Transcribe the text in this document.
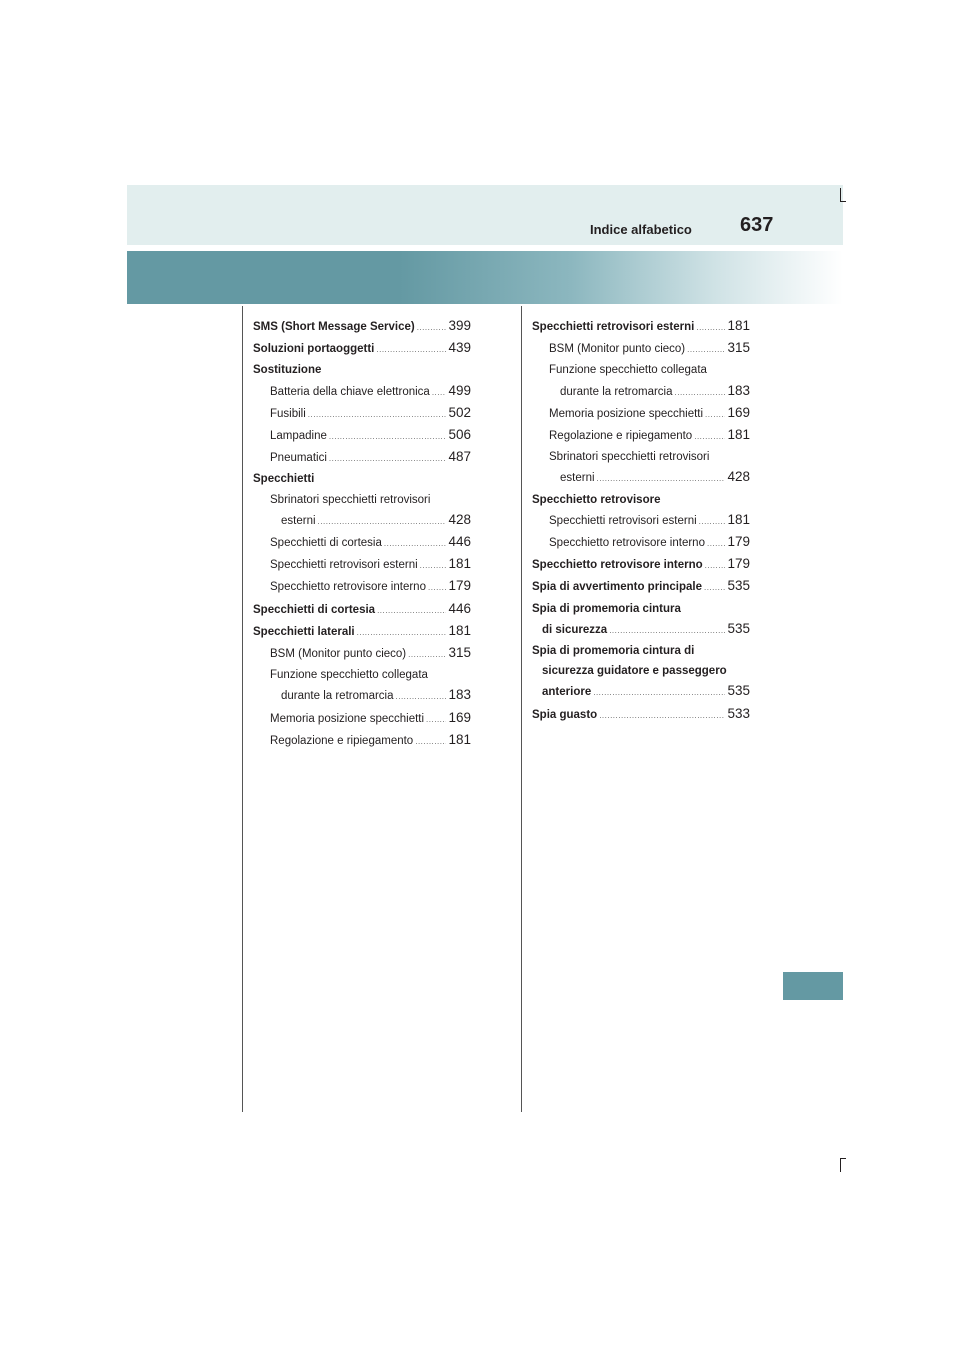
Indice alfabetico 637
SMS (Short Message Service) .....	399
Soluzioni portaoggetti .....	439
Sostituzione
Batteria della chiave elettronica ..... 499
Fusibili .....	502
Lampadine .....	506
Pneumatici .....	487
Specchietti
Sbrinatori specchietti retrovisori
esterni .....	428
Specchietti di cortesia .....	446
Specchietti retrovisori esterni ..... 181
Specchietto retrovisore interno ..... 179
Specchietti di cortesia .....	446
Specchietti laterali .....	181
BSM (Monitor punto cieco) .....	315
Funzione specchietto collegata
durante la retromarcia .....	183
Memoria posizione specchietti ..... 169
Regolazione e ripiegamento .....	181
Specchietti retrovisori esterni ..... 181
BSM (Monitor punto cieco) .....	315
Funzione specchietto collegata
durante la retromarcia .....	183
Memoria posizione specchietti ..... 169
Regolazione e ripiegamento .....	181
Sbrinatori specchietti retrovisori
esterni .....	428
Specchietto retrovisore
Specchietti retrovisori esterni ..... 181
Specchietto retrovisore interno ..... 179
Specchietto retrovisore interno ..... 179
Spia di avvertimento principale ..... 535
Spia di promemoria cintura
di sicurezza .....	535
Spia di promemoria cintura di
sicurezza guidatore e passeggero
anteriore .....	535
Spia guasto .....	533
